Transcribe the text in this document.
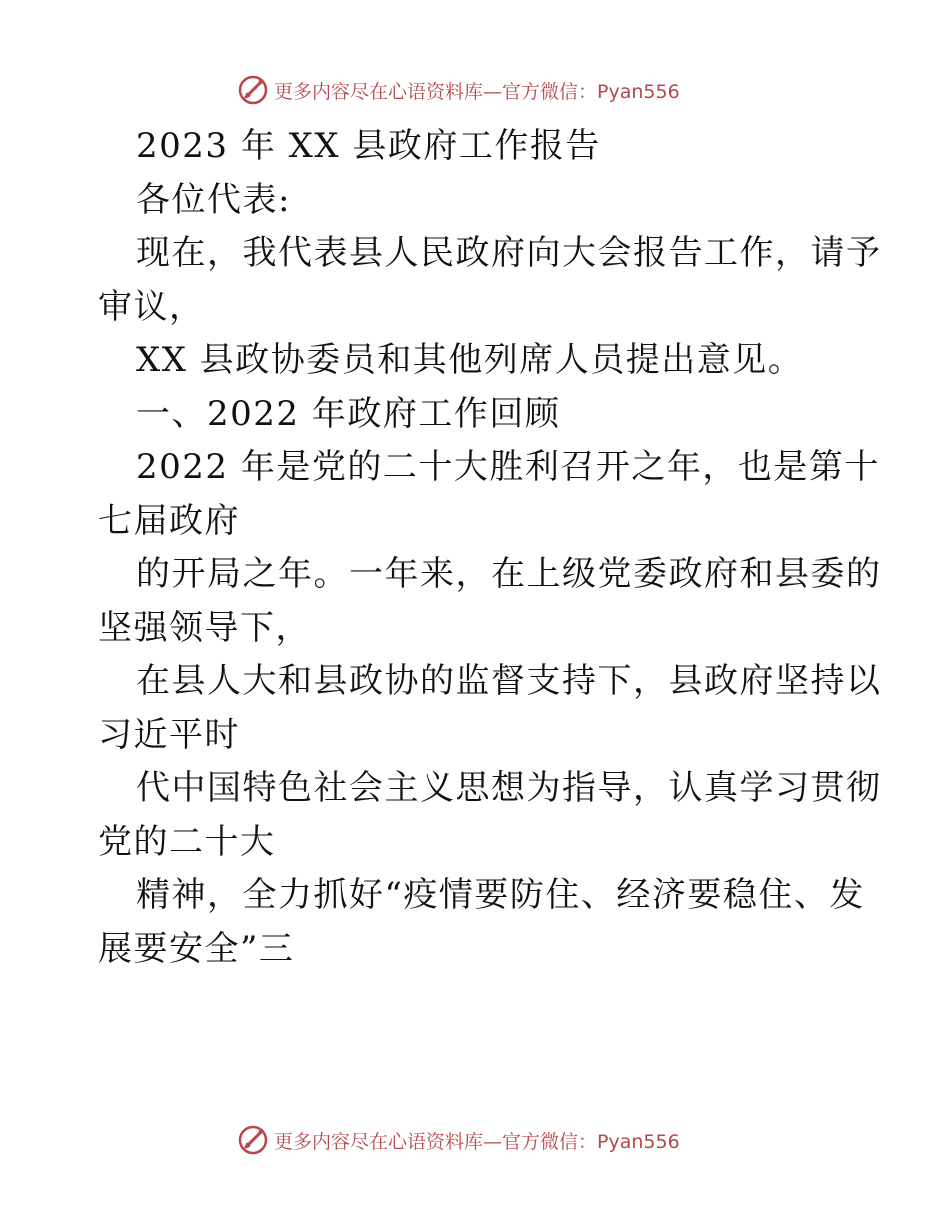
更多内容尽在心语资料库—官方微信：Pyan556
2023 年 XX 县政府工作报告
各位代表:
现在，我代表县人民政府向大会报告工作，请予
审议，
XX 县政协委员和其他列席人员提出意见。
一、2022 年政府工作回顾
2022 年是党的二十大胜利召开之年，也是第十
七届政府
的开局之年。一年来，在上级党委政府和县委的
坚强领导下，
在县人大和县政协的监督支持下，县政府坚持以
习近平时
代中国特色社会主义思想为指导，认真学习贯彻
党的二十大
精神，全力抓好“疫情要防住、经济要稳住、发
展要安全”三
更多内容尽在心语资料库—官方微信：Pyan556
